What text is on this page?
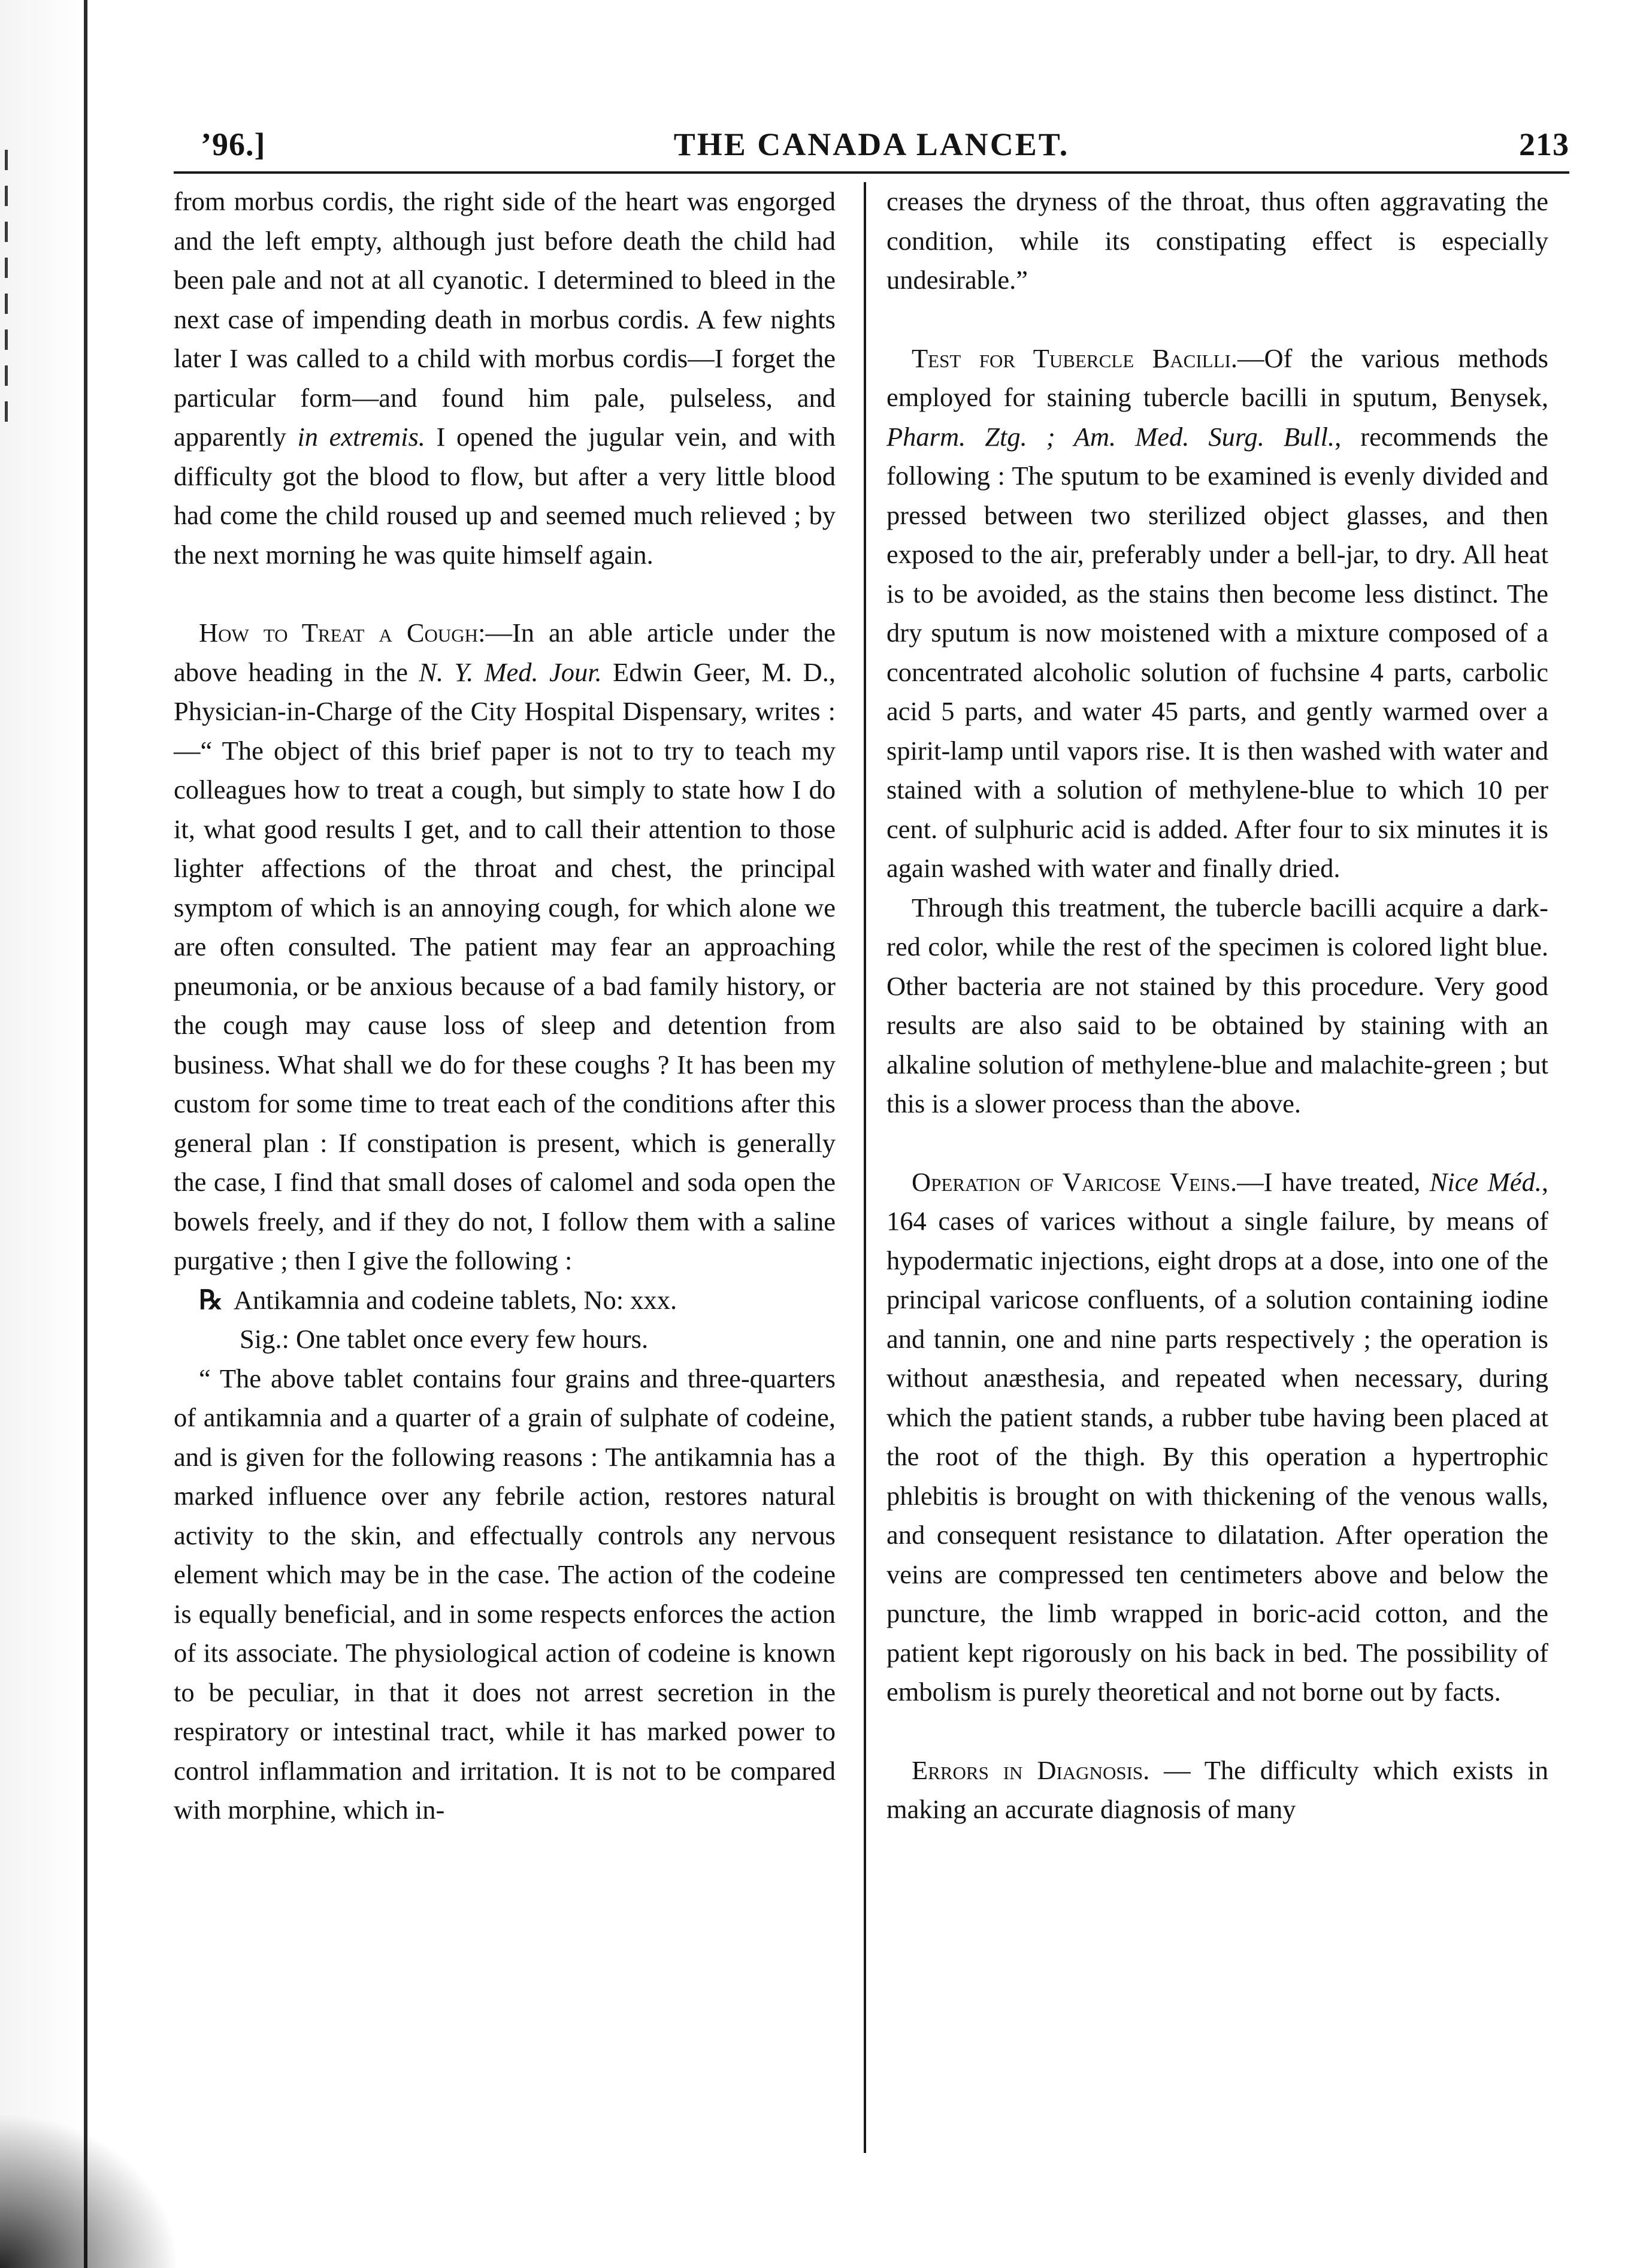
’96.]	THE CANADA LANCET.	213

from morbus cordis, the right side of the heart was engorged and the left empty, although just before death the child had been pale and not at all cyanotic. I determined to bleed in the next case of impending death in morbus cordis. A few nights later I was called to a child with morbus cordis—I forget the particular form—and found him pale, pulseless, and apparently in extremis. I opened the jugular vein, and with difficulty got the blood to flow, but after a very little blood had come the child roused up and seemed much relieved ; by the next morning he was quite himself again.

How to Treat a Cough:—In an able article under the above heading in the N. Y. Med. Jour. Edwin Geer, M. D., Physician-in-Charge of the City Hospital Dispensary, writes :—“ The object of this brief paper is not to try to teach my colleagues how to treat a cough, but simply to state how I do it, what good results I get, and to call their attention to those lighter affections of the throat and chest, the principal symptom of which is an annoying cough, for which alone we are often consulted. The patient may fear an approaching pneumonia, or be anxious because of a bad family history, or the cough may cause loss of sleep and detention from business. What shall we do for these coughs ? It has been my custom for some time to treat each of the conditions after this general plan : If constipation is present, which is generally the case, I find that small doses of calomel and soda open the bowels freely, and if they do not, I follow them with a saline purgative ; then I give the following :

℞ Antikamnia and codeine tablets, No: xxx.

Sig.: One tablet once every few hours.

“ The above tablet contains four grains and three-quarters of antikamnia and a quarter of a grain of sulphate of codeine, and is given for the following reasons : The antikamnia has a marked influence over any febrile action, restores natural activity to the skin, and effectually controls any nervous element which may be in the case. The action of the codeine is equally beneficial, and in some respects enforces the action of its associate. The physiological action of codeine is known to be peculiar, in that it does not arrest secretion in the respiratory or intestinal tract, while it has marked power to control inflammation and irritation. It is not to be compared with morphine, which in-

creases the dryness of the throat, thus often aggravating the condition, while its constipating effect is especially undesirable.”

Test for Tubercle Bacilli.—Of the various methods employed for staining tubercle bacilli in sputum, Benysek, Pharm. Ztg. ; Am. Med. Surg. Bull., recommends the following : The sputum to be examined is evenly divided and pressed between two sterilized object glasses, and then exposed to the air, preferably under a bell-jar, to dry. All heat is to be avoided, as the stains then become less distinct. The dry sputum is now moistened with a mixture composed of a concentrated alcoholic solution of fuchsine 4 parts, carbolic acid 5 parts, and water 45 parts, and gently warmed over a spirit-lamp until vapors rise. It is then washed with water and stained with a solution of methylene-blue to which 10 per cent. of sulphuric acid is added. After four to six minutes it is again washed with water and finally dried.

Through this treatment, the tubercle bacilli acquire a dark-red color, while the rest of the specimen is colored light blue. Other bacteria are not stained by this procedure. Very good results are also said to be obtained by staining with an alkaline solution of methylene-blue and malachite-green ; but this is a slower process than the above.

Operation of Varicose Veins.—I have treated, Nice Méd., 164 cases of varices without a single failure, by means of hypodermatic injections, eight drops at a dose, into one of the principal varicose confluents, of a solution containing iodine and tannin, one and nine parts respectively ; the operation is without anæsthesia, and repeated when necessary, during which the patient stands, a rubber tube having been placed at the root of the thigh. By this operation a hypertrophic phlebitis is brought on with thickening of the venous walls, and consequent resistance to dilatation. After operation the veins are compressed ten centimeters above and below the puncture, the limb wrapped in boric-acid cotton, and the patient kept rigorously on his back in bed. The possibility of embolism is purely theoretical and not borne out by facts.

Errors in Diagnosis. — The difficulty which exists in making an accurate diagnosis of many
